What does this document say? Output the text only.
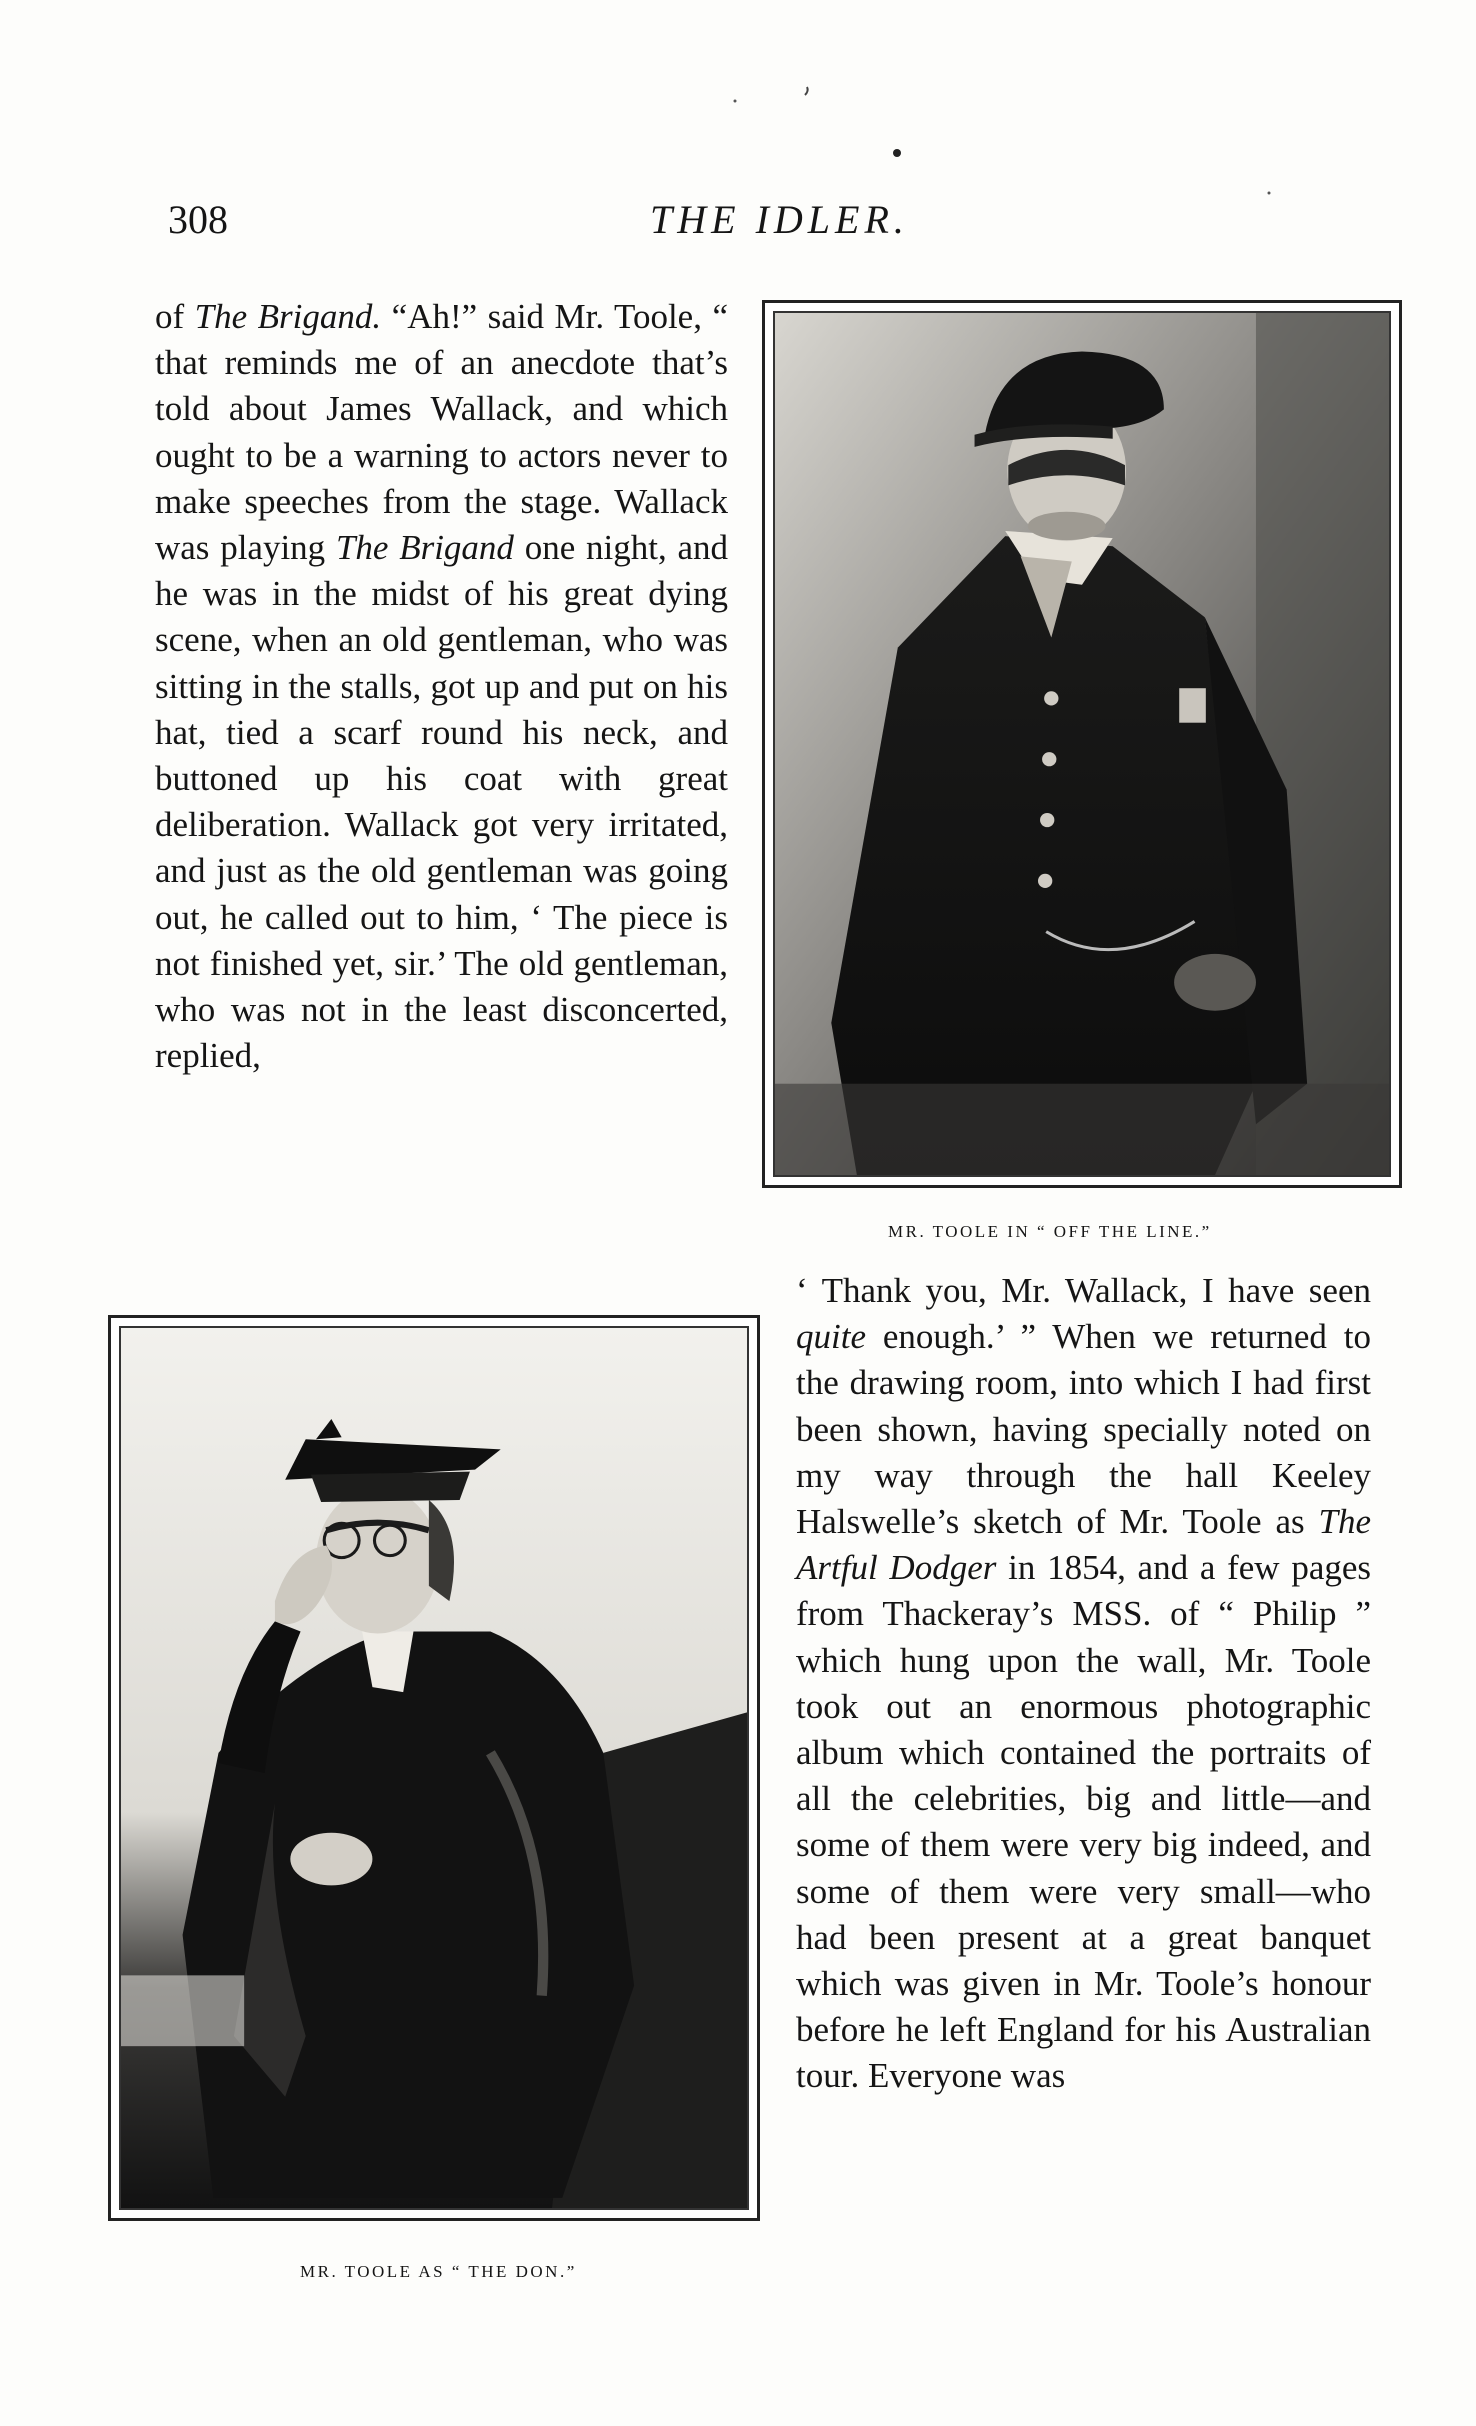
308	THE IDLER.

of The Brigand. “Ah!” said Mr. Toole, “ that reminds me of an anecdote that’s told about James Wallack, and which ought to be a warning to actors never to make speeches from the stage. Wallack was playing The Brigand one night, and he was in the midst of his great dying scene, when an old gentleman, who was sitting in the stalls, got up and put on his hat, tied a scarf round his neck, and buttoned up his coat with great deliberation. Wallack got very irritated, and just as the old gentleman was going out, he called out to him, ‘ The piece is not finished yet, sir.’ The old gentleman, who was not in the least disconcerted, replied,

MR. TOOLE IN “ OFF THE LINE.”
MR. TOOLE AS “ THE DON.”

‘ Thank you, Mr. Wallack, I have seen quite enough.’ ” When we returned to the drawing room, into which I had first been shown, having specially noted on my way through the hall Keeley Halswelle’s sketch of Mr. Toole as The Artful Dodger in 1854, and a few pages from Thackeray’s MSS. of “ Philip ” which hung upon the wall, Mr. Toole took out an enormous photographic album which contained the portraits of all the celebrities, big and little—and some of them were very big indeed, and some of them were very small—who had been present at a great banquet which was given in Mr. Toole’s honour before he left England for his Australian tour. Everyone was
